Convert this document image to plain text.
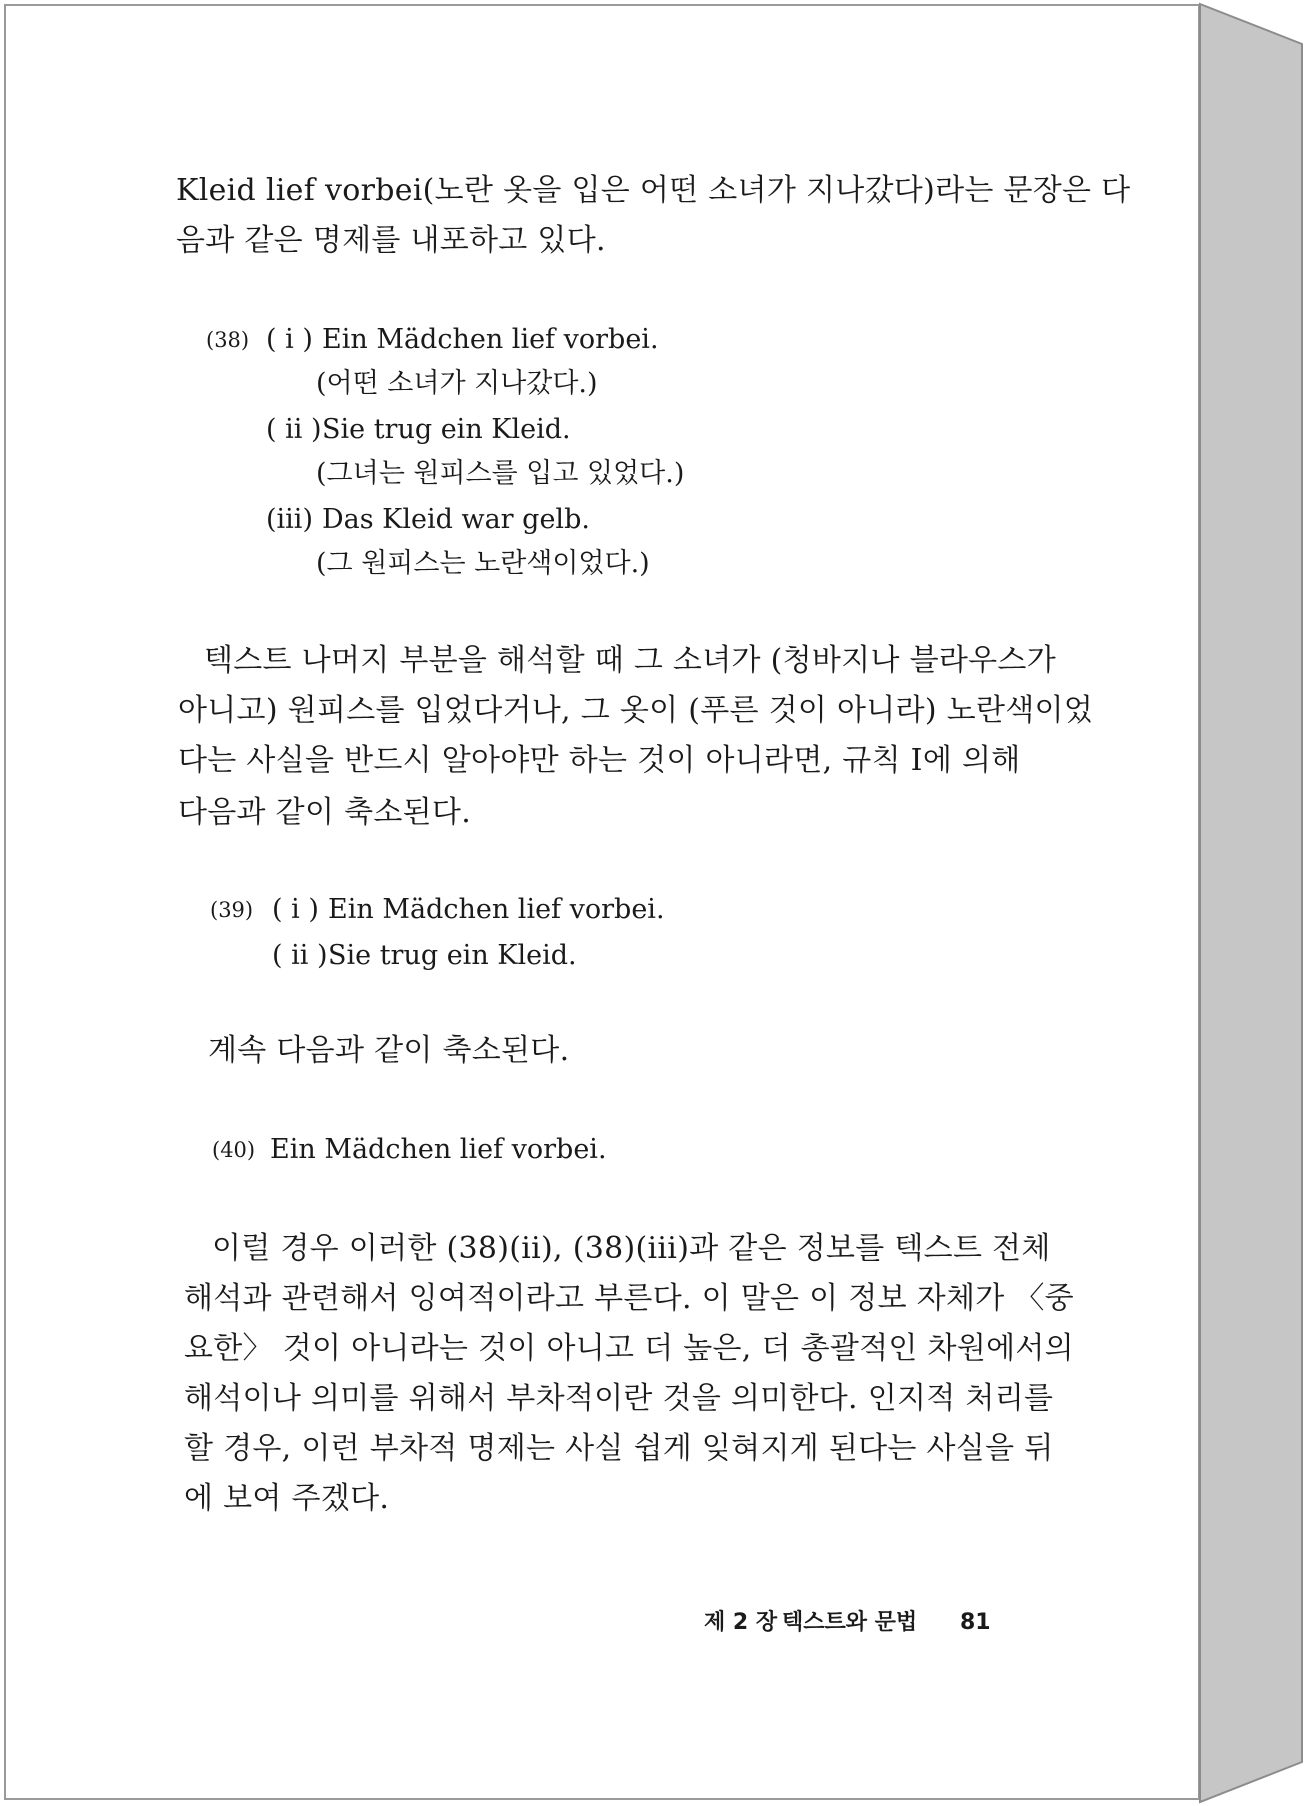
Kleid lief vorbei(노란 옷을 입은 어떤 소녀가 지나갔다)라는 문장은 다
음과 같은 명제를 내포하고 있다.
(38) ( i ) Ein Mädchen lief vorbei.
(어떤 소녀가 지나갔다.)
( ii ) Sie trug ein Kleid.
(그녀는 원피스를 입고 있었다.)
(iii) Das Kleid war gelb.
(그 원피스는 노란색이었다.)
텍스트 나머지 부분을 해석할 때 그 소녀가 (청바지나 블라우스가
아니고) 원피스를 입었다거나, 그 옷이 (푸른 것이 아니라) 노란색이었
다는 사실을 반드시 알아야만 하는 것이 아니라면, 규칙 Ⅰ에 의해
다음과 같이 축소된다.
(39) ( i ) Ein Mädchen lief vorbei.
( ii ) Sie trug ein Kleid.
계속 다음과 같이 축소된다.
(40) Ein Mädchen lief vorbei.
이럴 경우 이러한 (38)(ii), (38)(iii)과 같은 정보를 텍스트 전체
해석과 관련해서 잉여적이라고 부른다. 이 말은 이 정보 자체가 〈중
요한〉 것이 아니라는 것이 아니고 더 높은, 더 총괄적인 차원에서의
해석이나 의미를 위해서 부차적이란 것을 의미한다. 인지적 처리를
할 경우, 이런 부차적 명제는 사실 쉽게 잊혀지게 된다는 사실을 뒤
에 보여 주겠다.
제 2 장 텍스트와 문법 81
